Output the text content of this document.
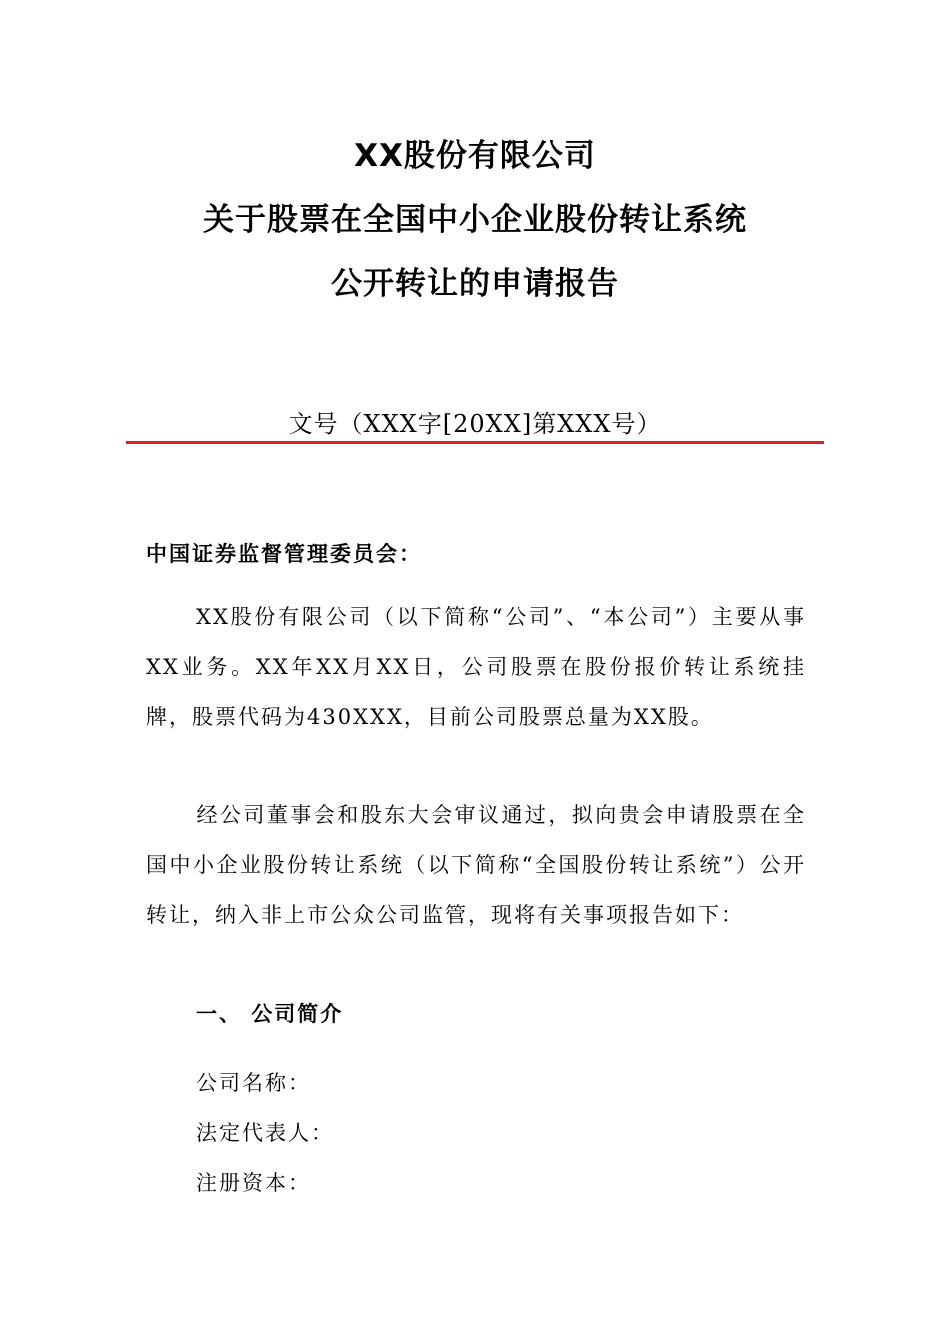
XX股份有限公司
关于股票在全国中小企业股份转让系统
公开转让的申请报告
文号（XXX字[20XX]第XXX号）
中国证券监督管理委员会：

XX股份有限公司（以下简称“公司”、“本公司”）主要从事XX业务。XX年XX月XX日，公司股票在股份报价转让系统挂牌，股票代码为430XXX，目前公司股票总量为XX股。

经公司董事会和股东大会审议通过，拟向贵会申请股票在全国中小企业股份转让系统（以下简称“全国股份转让系统”）公开转让，纳入非上市公众公司监管，现将有关事项报告如下：

一、 公司简介
公司名称：
法定代表人：
注册资本：
